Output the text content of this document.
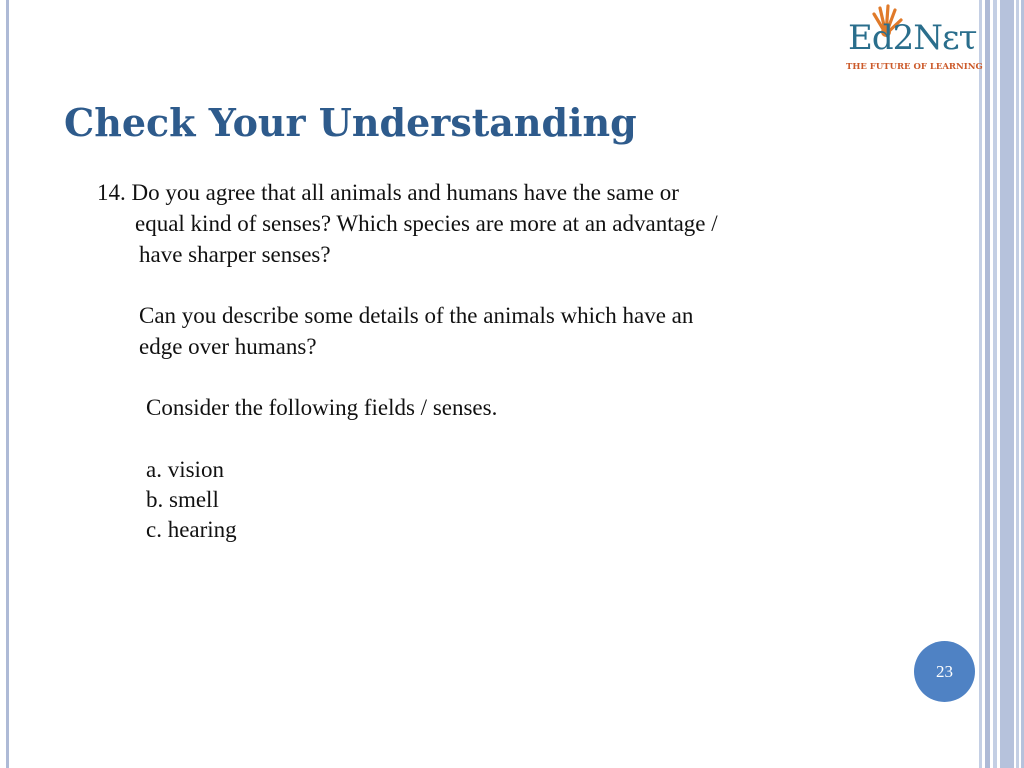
Ed2Nετ
THE FUTURE OF LEARNING
Check Your Understanding
14. Do you agree that all animals and humans have the same or
equal kind of senses? Which species are more at an advantage /
have sharper senses?
Can you describe some details of the animals which have an
edge over humans?
Consider the following fields / senses.
a. vision
b. smell
c. hearing
23
